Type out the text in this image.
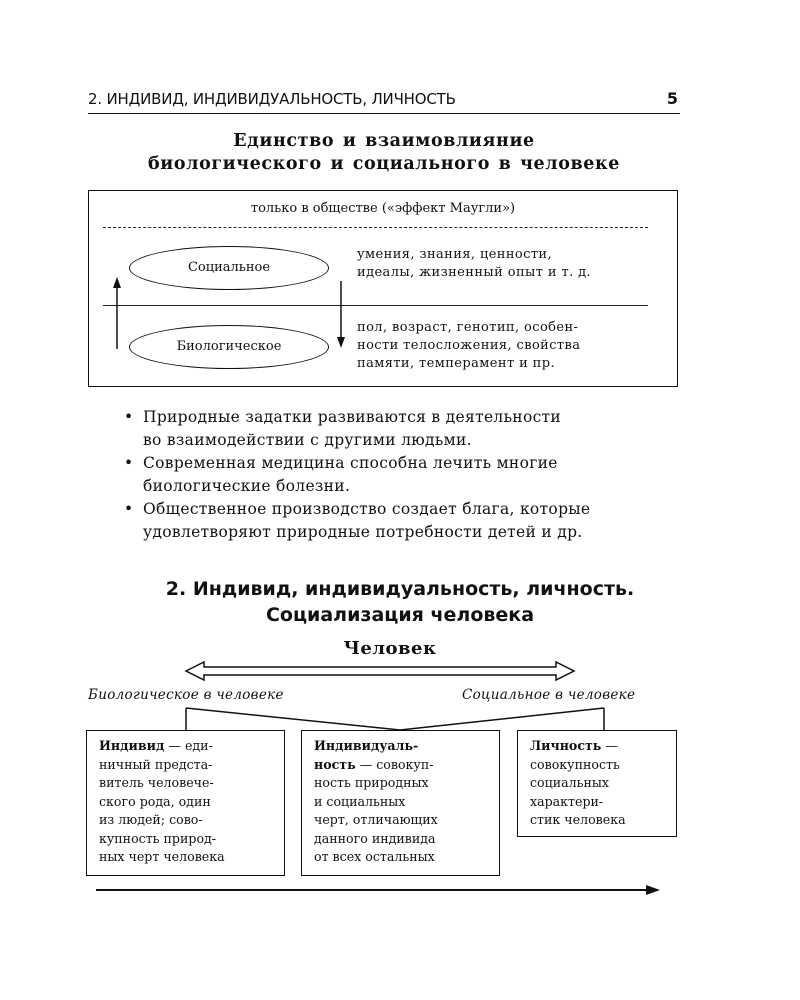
2. ИНДИВИД, ИНДИВИДУАЛЬНОСТЬ, ЛИЧНОСТЬ	5
Единство и взаимовлияние
биологического и социального в человеке
только в обществе («эффект Маугли»)
Социальное
Биологическое
умения, знания, ценности,
идеалы, жизненный опыт и т. д.
пол, возраст, генотип, особен-
ности телосложения, свойства
памяти, темперамент и пр.
• Природные задатки развиваются в деятельности
во взаимодействии с другими людьми.
• Современная медицина способна лечить многие
биологические болезни.
• Общественное производство создает блага, которые
удовлетворяют природные потребности детей и др.
2. Индивид, индивидуальность, личность.
Социализация человека
Человек
Биологическое в человеке	Социальное в человеке
Индивид — еди-
ничный предста-
витель человече-
ского рода, один
из людей; сово-
купность природ-
ных черт человека
Индивидуаль-
ность — совокуп-
ность природных
и социальных
черт, отличающих
данного индивида
от всех остальных
Личность —
совокупность
социальных
характери-
стик человека
